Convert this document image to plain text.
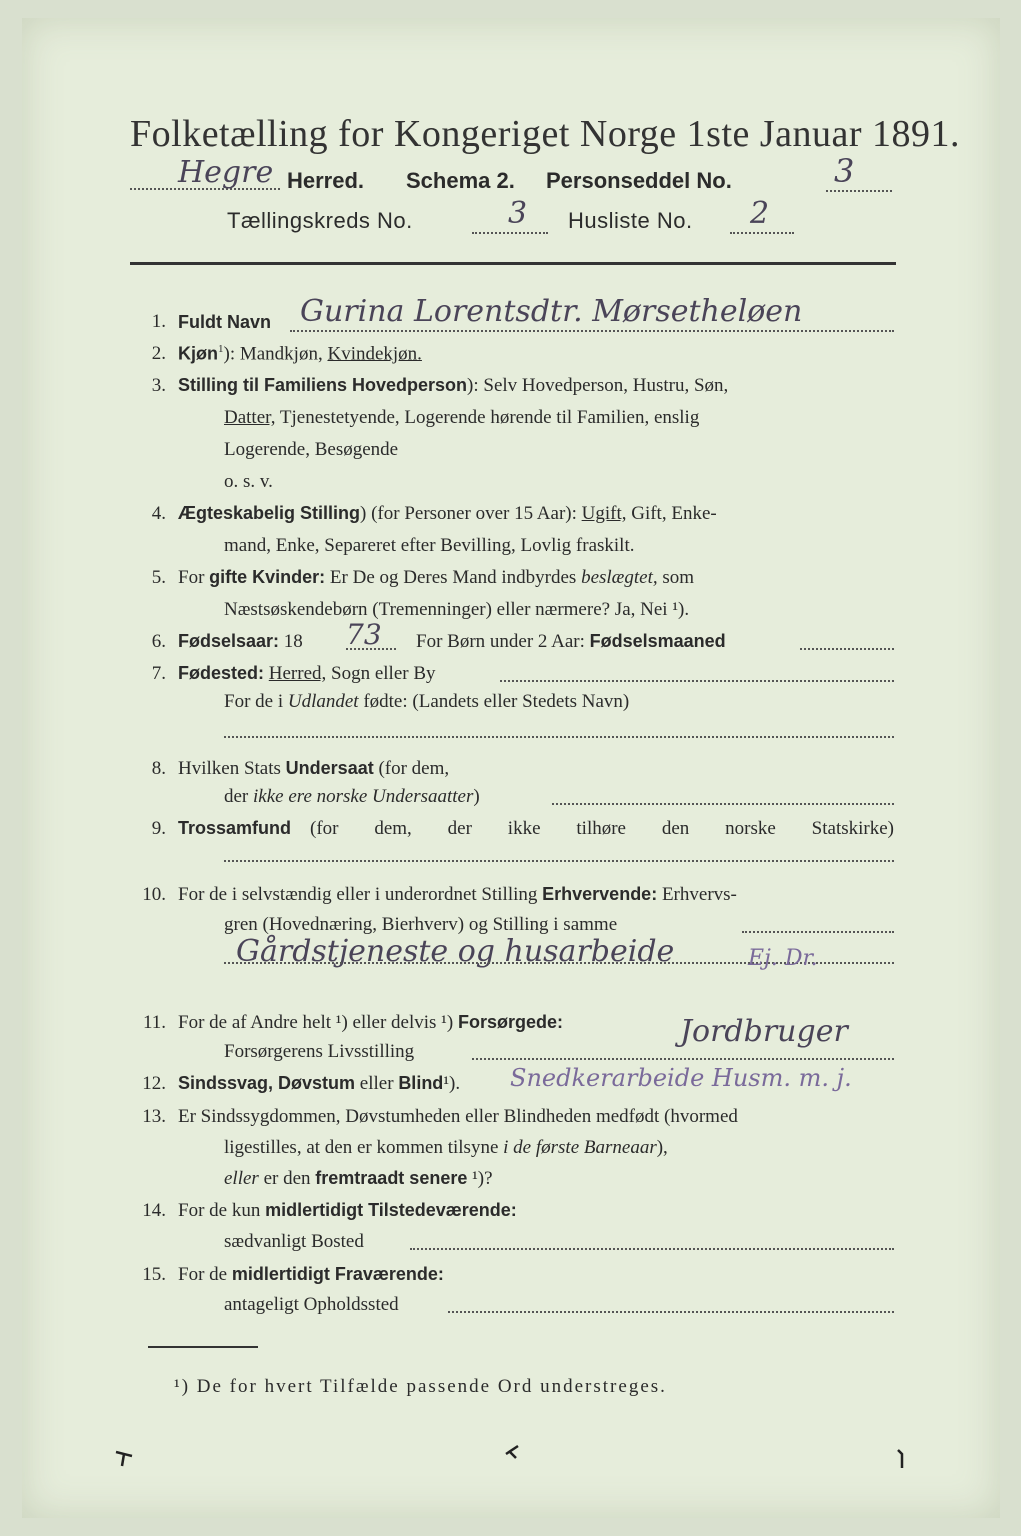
Folketælling for Kongeriget Norge 1ste Januar 1891.
Hegre Herred. Schema 2. Personseddel No.	3
Tællingskreds No.	3 Husliste No. 2
1. Fuldt Navn Gurina Lorentsdtr. Mørsetheløen
2. Kjøn$^1$): Mandkjøn, Kvindekjøn.
3. Stilling til Familiens Hovedperson): Selv Hovedperson, Hustru, Søn,
Datter, Tjenestetyende, Logerende hørende til Familien, enslig
Logerende, Besøgende
o. s. v.
4. Ægteskabelig Stilling) (for Personer over 15 Aar): Ugift, Gift, Enke-
mand, Enke, Separeret efter Bevilling, Lovlig fraskilt.
5. For gifte Kvinder: Er De og Deres Mand indbyrdes beslægtet, som
Næstsøskendebørn (Tremenninger) eller nærmere? Ja, Nei ¹).
6. Fødselsaar: 18 73 For Børn under 2 Aar: Fødselsmaaned
7. Fødested: Herred, Sogn eller By
For de i Udlandet fødte: (Landets eller Stedets Navn)
8. Hvilken Stats Undersaat (for dem,
der ikke ere norske Undersaatter)
9. Trossamfund (for dem, der ikke tilhøre den norske Statskirke)
10. For de i selvstændig eller i underordnet Stilling Erhvervende: Erhvervs-
gren (Hovednæring, Bierhverv) og Stilling i samme
Gårdstjeneste og husarbeide	Ej. Dr.
11. For de af Andre helt ¹) eller delvis ¹) Forsørgede:
Forsørgerens Livsstilling
Jordbruger
12. Sindssvag, Døvstum eller Blind¹). Snedkerarbeide Husm. m. j.
13. Er Sindssygdommen, Døvstumheden eller Blindheden medfødt (hvormed
ligestilles, at den er kommen tilsyne i de første Barneaar),
eller er den fremtraadt senere ¹)?
14. For de kun midlertidigt Tilstedeværende:
sædvanligt Bosted
15. For de midlertidigt Fraværende:
antageligt Opholdssted
¹) De for hvert Tilfælde passende Ord understreges.
